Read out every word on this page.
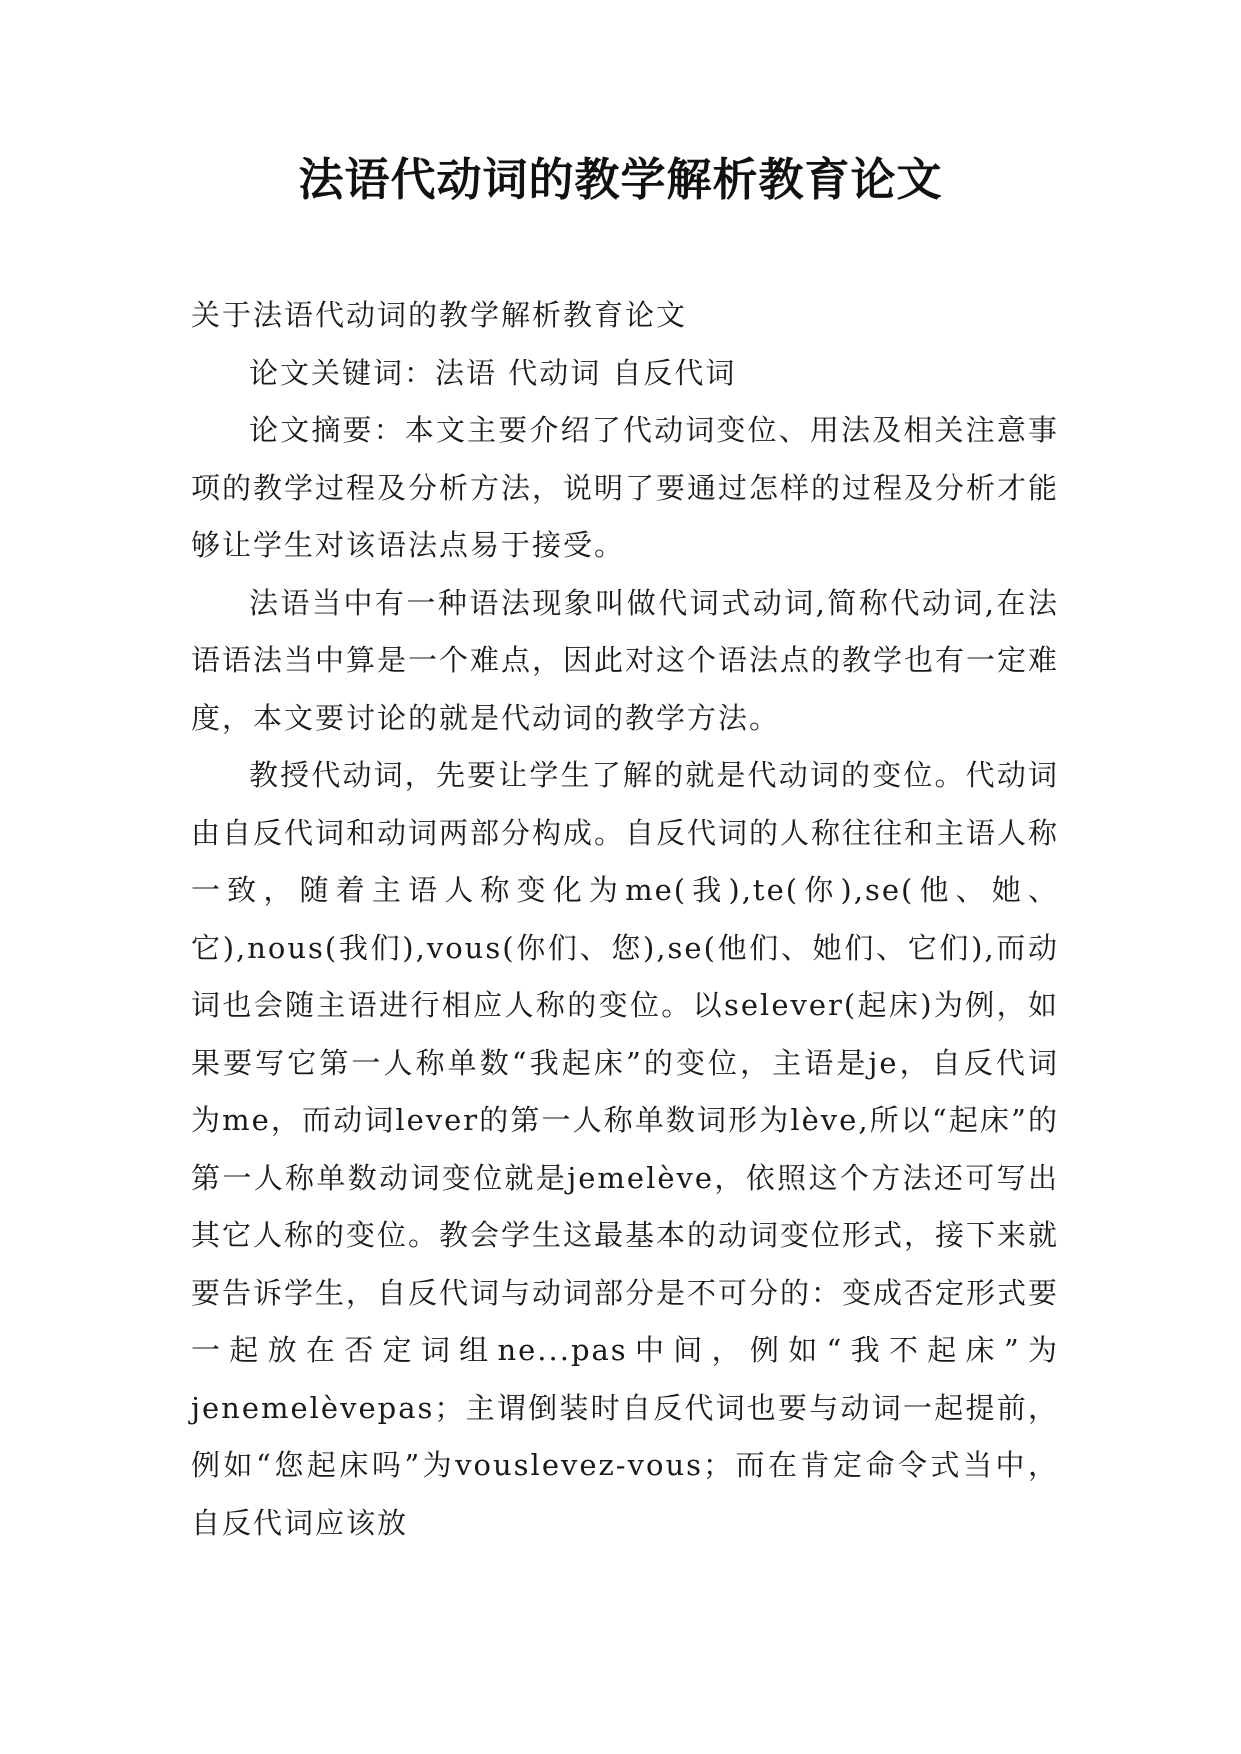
法语代动词的教学解析教育论文

关于法语代动词的教学解析教育论文

论文关键词：法语 代动词 自反代词

论文摘要：本文主要介绍了代动词变位、用法及相关注意事项的教学过程及分析方法，说明了要通过怎样的过程及分析才能够让学生对该语法点易于接受。

法语当中有一种语法现象叫做代词式动词,简称代动词,在法语语法当中算是一个难点，因此对这个语法点的教学也有一定难度，本文要讨论的就是代动词的教学方法。

教授代动词，先要让学生了解的就是代动词的变位。代动词由自反代词和动词两部分构成。自反代词的人称往往和主语人称一致，随着主语人称变化为me(我),te(你),se(他、她、它),nous(我们),vous(你们、您),se(他们、她们、它们),而动词也会随主语进行相应人称的变位。以selever(起床)为例，如果要写它第一人称单数“我起床”的变位，主语是je，自反代词为me，而动词lever的第一人称单数词形为lève,所以“起床”的第一人称单数动词变位就是jemelève，依照这个方法还可写出其它人称的变位。教会学生这最基本的动词变位形式，接下来就要告诉学生，自反代词与动词部分是不可分的：变成否定形式要一起放在否定词组ne...pas中间，例如“我不起床”为jenemelèvepas；主谓倒装时自反代词也要与动词一起提前，例如“您起床吗”为vouslevez-vous；而在肯定命令式当中，自反代词应该放
